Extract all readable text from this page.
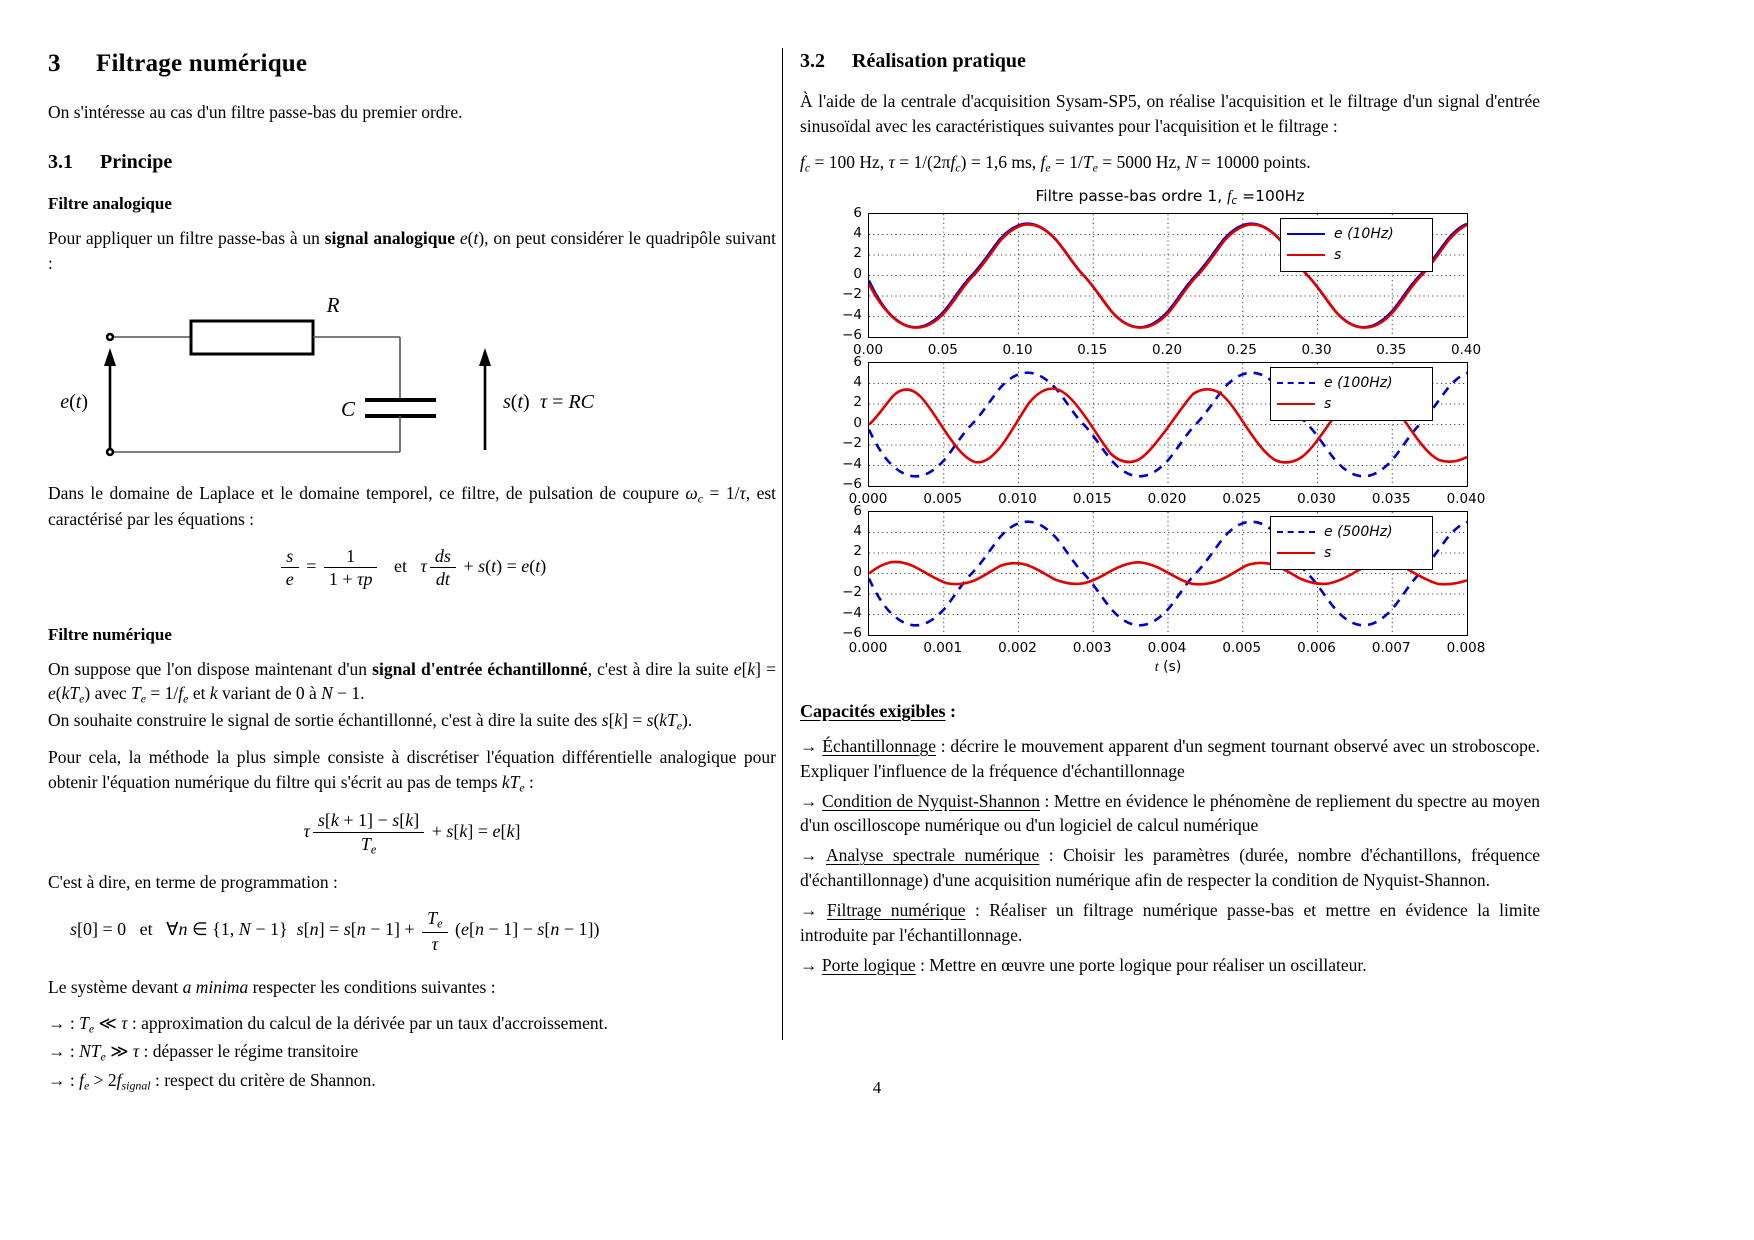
3 Filtrage numérique

On s'intéresse au cas d'un filtre passe-bas du premier ordre.

3.1 Principe
Filtre analogique

Pour appliquer un filtre passe-bas à un signal analogique e(t), on peut considérer le quadripôle suivant :

R
C
e(t)	s(t) τ = RC

Dans le domaine de Laplace et le domaine temporel, ce filtre, de pulsation de coupure $\omega_c = 1/\tau$, est caractérisé par les équations :

$\frac{s}{e} = \frac{1}{1 + \tau p}$ et   τ $\frac{ds}{dt} + s(t) = e(t)$
Filtre numérique

On suppose que l'on dispose maintenant d'un signal d'entrée échantillonné, c'est à dire la suite $e[k] = e(kT_e)$ avec $T_e = 1/f_e$ et k variant de 0 à N − 1.
On souhaite construire le signal de sortie échantillonné, c'est à dire la suite des $s[k] = s(kT_e)$.

Pour cela, la méthode la plus simple consiste à discrétiser l'équation différentielle analogique pour obtenir l'équation numérique du filtre qui s'écrit au pas de temps $kT_e$ :

τ $\frac{s[k + 1] - s[k]}{T_e} + s[k] = e[k]$

C'est à dire, en terme de programmation :

s[0] = 0   et   ∀n ∈ {1, N − 1}  $s[n] = s[n - 1] + \frac{T_e}{\tau} (e[n - 1] - s[n - 1])$

Le système devant a minima respecter les conditions suivantes :

→ : $T_e$ ≪ τ : approximation du calcul de la dérivée par un taux d'accroissement.
→ : $NT_e$ ≫ τ : dépasser le régime transitoire
→ : $f_e > 2f_{signal}$ : respect du critère de Shannon.
3.2 Réalisation pratique

À l'aide de la centrale d'acquisition Sysam-SP5, on réalise l'acquisition et le filtrage d'un signal d'entrée sinusoïdal avec les caractéristiques suivantes pour l'acquisition et le filtrage :

$f_c = 100$ Hz, $\tau = 1/(2\pi f_c) = 1,6$ ms, $f_e = 1/T_e = 5000$ Hz, N = 10000 points.

Filtre passe-bas ordre 1, $f_c =100Hz$
6
4
2
0
−2
−4
−6
0.00	0.05	0.10	0.15	0.20	0.25	0.30	0.35	0.40
e (10Hz)
s
6
4
2
0
−2
−4
−6
0.000	0.005	0.010	0.015	0.020	0.025	0.030	0.035	0.040
e (100Hz)
s
6
4
2
0
−2
−4
−6
0.000	0.001	0.002	0.003	0.004	0.005	0.006	0.007	0.008
t (s)
e (500Hz)
s
Capacités exigibles :

→ Échantillonnage : décrire le mouvement apparent d'un segment tournant observé avec un stroboscope. Expliquer l'influence de la fréquence d'échantillonnage

→ Condition de Nyquist-Shannon : Mettre en évidence le phénomène de repliement du spectre au moyen d'un oscilloscope numérique ou d'un logiciel de calcul numérique

→ Analyse spectrale numérique : Choisir les paramètres (durée, nombre d'échantillons, fréquence d'échantillonnage) d'une acquisition numérique afin de respecter la condition de Nyquist-Shannon.

→ Filtrage numérique : Réaliser un filtrage numérique passe-bas et mettre en évidence la limite introduite par l'échantillonnage.

→ Porte logique : Mettre en œuvre une porte logique pour réaliser un oscillateur.

4
